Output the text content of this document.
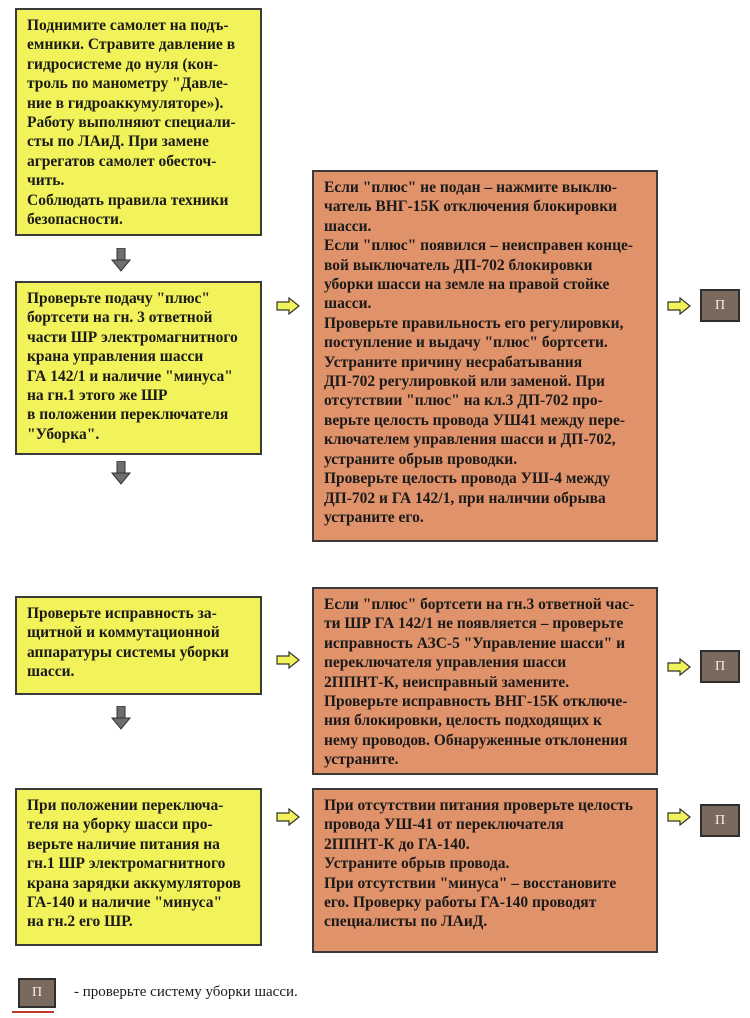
Поднимите самолет на подъ-
емники. Стравите давление в
гидросистеме до нуля (кон-
троль по манометру "Давле-
ние в гидроаккумуляторе»).
Работу выполняют специали-
сты по ЛАиД. При замене
агрегатов самолет обесточ-
чить.
Соблюдать правила техники
безопасности.

Проверьте подачу "плюс"
бортсети на гн. 3 ответной
части ШР электромагнитного
крана управления шасси
ГА 142/1 и наличие "минуса"
на гн.1 этого же ШР
в положении переключателя
"Уборка".

Если "плюс" не подан – нажмите выклю-
чатель ВНГ-15К отключения блокировки
шасси.
Если "плюс" появился – неисправен конце-
вой выключатель ДП-702 блокировки
уборки шасси на земле на правой стойке
шасси.
Проверьте правильность его регулировки,
поступление и выдачу "плюс" бортсети.
Устраните причину несрабатывания
ДП-702 регулировкой или заменой. При
отсутствии "плюс" на кл.3 ДП-702 про-
верьте целость провода УШ41 между пере-
ключателем управления шасси и ДП-702,
устраните обрыв проводки.
Проверьте целость провода УШ-4 между
ДП-702 и ГА 142/1, при наличии обрыва
устраните его.

П

Проверьте исправность за-
щитной и коммутационной
аппаратуры системы уборки
шасси.

Если "плюс" бортсети на гн.3 ответной час-
ти ШР ГА 142/1 не появляется – проверьте
исправность АЗС-5 "Управление шасси" и
переключателя управления шасси
2ППНТ-К, неисправный замените.
Проверьте исправность ВНГ-15К отключе-
ния блокировки, целость подходящих к
нему проводов. Обнаруженные отклонения
устраните.

П

При положении переключа-
теля на уборку шасси про-
верьте наличие питания на
гн.1 ШР электромагнитного
крана зарядки аккумуляторов
ГА-140 и наличие "минуса"
на гн.2 его ШР.

При отсутствии питания проверьте целость
провода УШ-41 от переключателя
2ППНТ-К до ГА-140.
Устраните обрыв провода.
При отсутствии "минуса" – восстановите
его. Проверку работы ГА-140 проводят
специалисты по ЛАиД.

П
П - проверьте системy уборки шасси.
